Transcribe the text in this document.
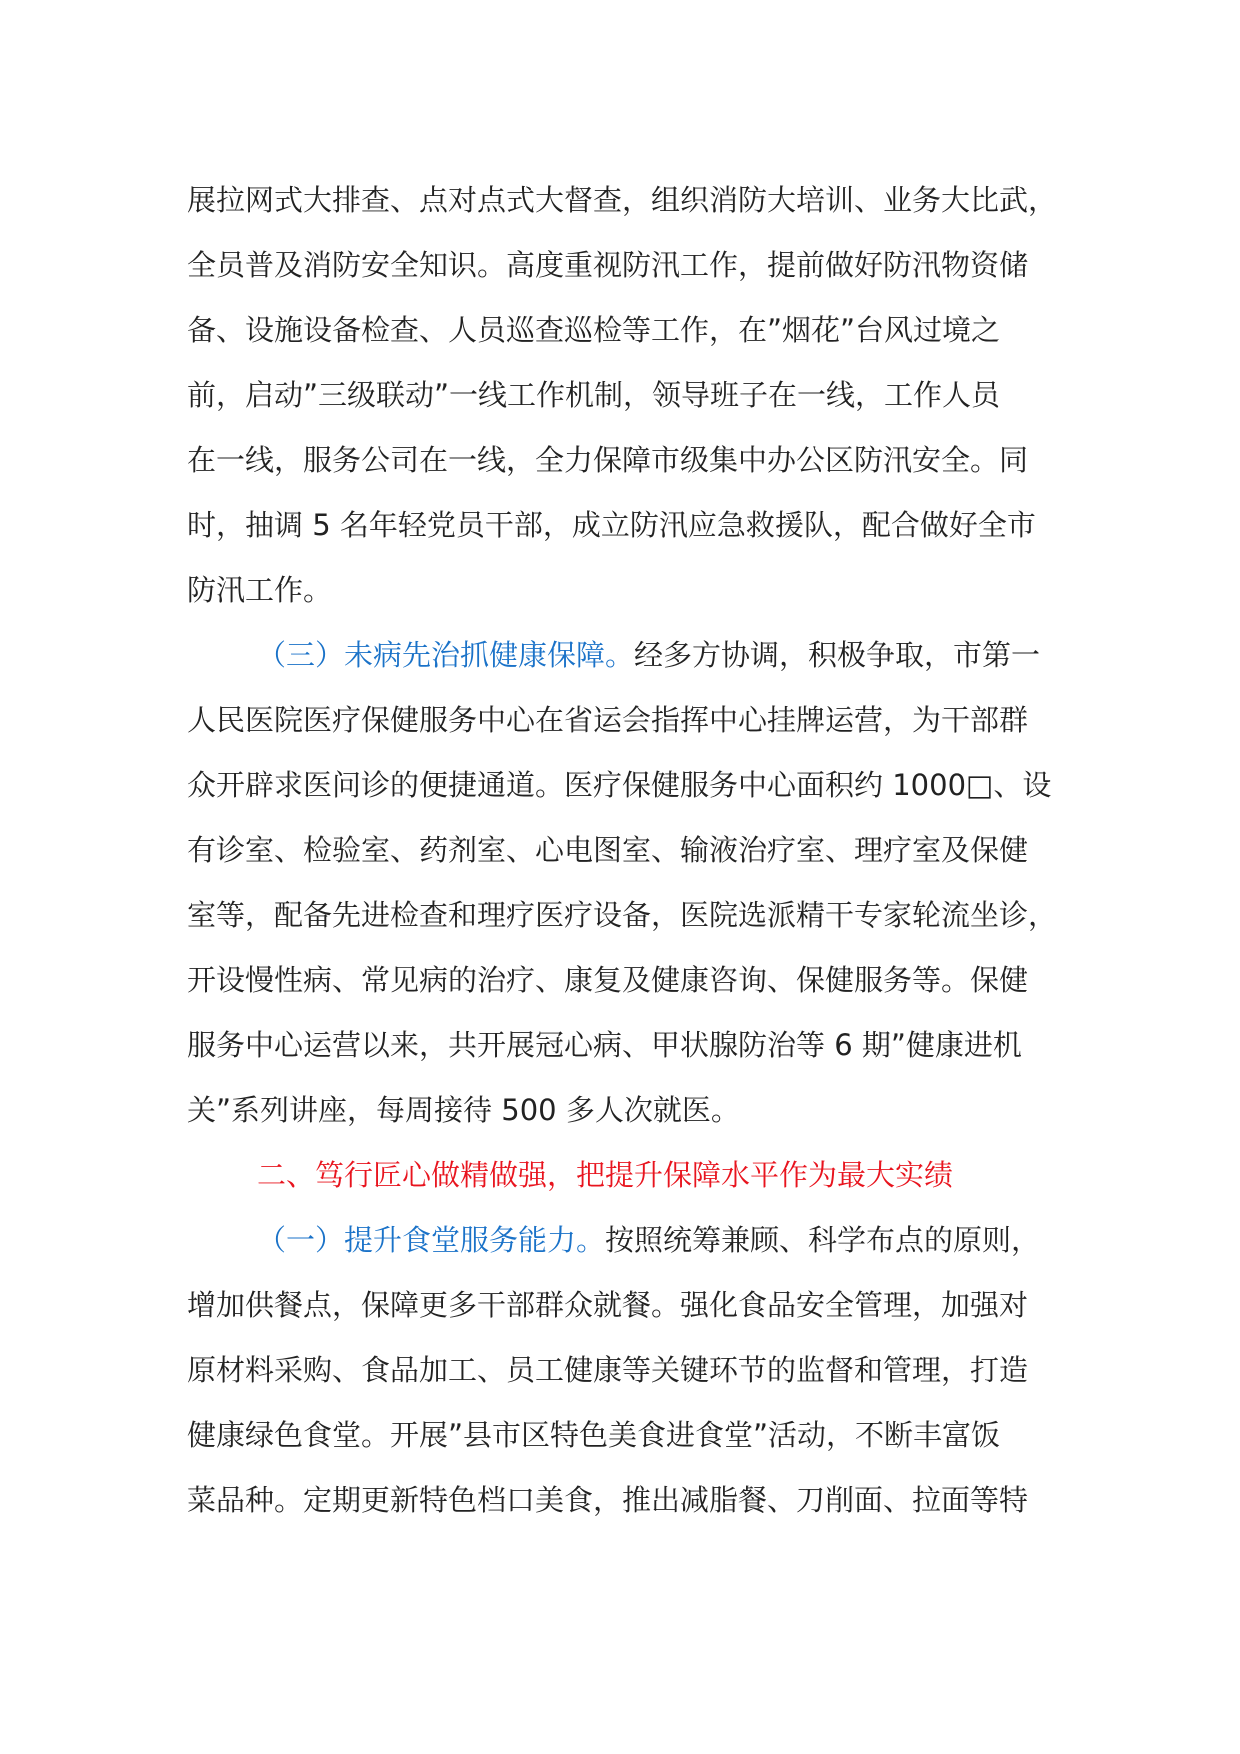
展拉网式大排查、点对点式大督查，组织消防大培训、业务大比武，
全员普及消防安全知识。高度重视防汛工作，提前做好防汛物资储
备、设施设备检查、人员巡查巡检等工作，在”烟花”台风过境之
前，启动”三级联动”一线工作机制，领导班子在一线，工作人员
在一线，服务公司在一线，全力保障市级集中办公区防汛安全。同
时，抽调 5 名年轻党员干部，成立防汛应急救援队，配合做好全市
防汛工作。
（三）未病先治抓健康保障。经多方协调，积极争取，市第一
人民医院医疗保健服务中心在省运会指挥中心挂牌运营，为干部群
众开辟求医问诊的便捷通道。医疗保健服务中心面积约 1000□、设
有诊室、检验室、药剂室、心电图室、输液治疗室、理疗室及保健
室等，配备先进检查和理疗医疗设备，医院选派精干专家轮流坐诊，
开设慢性病、常见病的治疗、康复及健康咨询、保健服务等。保健
服务中心运营以来，共开展冠心病、甲状腺防治等 6 期”健康进机
关”系列讲座，每周接待 500 多人次就医。
二、笃行匠心做精做强，把提升保障水平作为最大实绩
（一）提升食堂服务能力。按照统筹兼顾、科学布点的原则，
增加供餐点，保障更多干部群众就餐。强化食品安全管理，加强对
原材料采购、食品加工、员工健康等关键环节的监督和管理，打造
健康绿色食堂。开展”县市区特色美食进食堂”活动，不断丰富饭
菜品种。定期更新特色档口美食，推出减脂餐、刀削面、拉面等特
